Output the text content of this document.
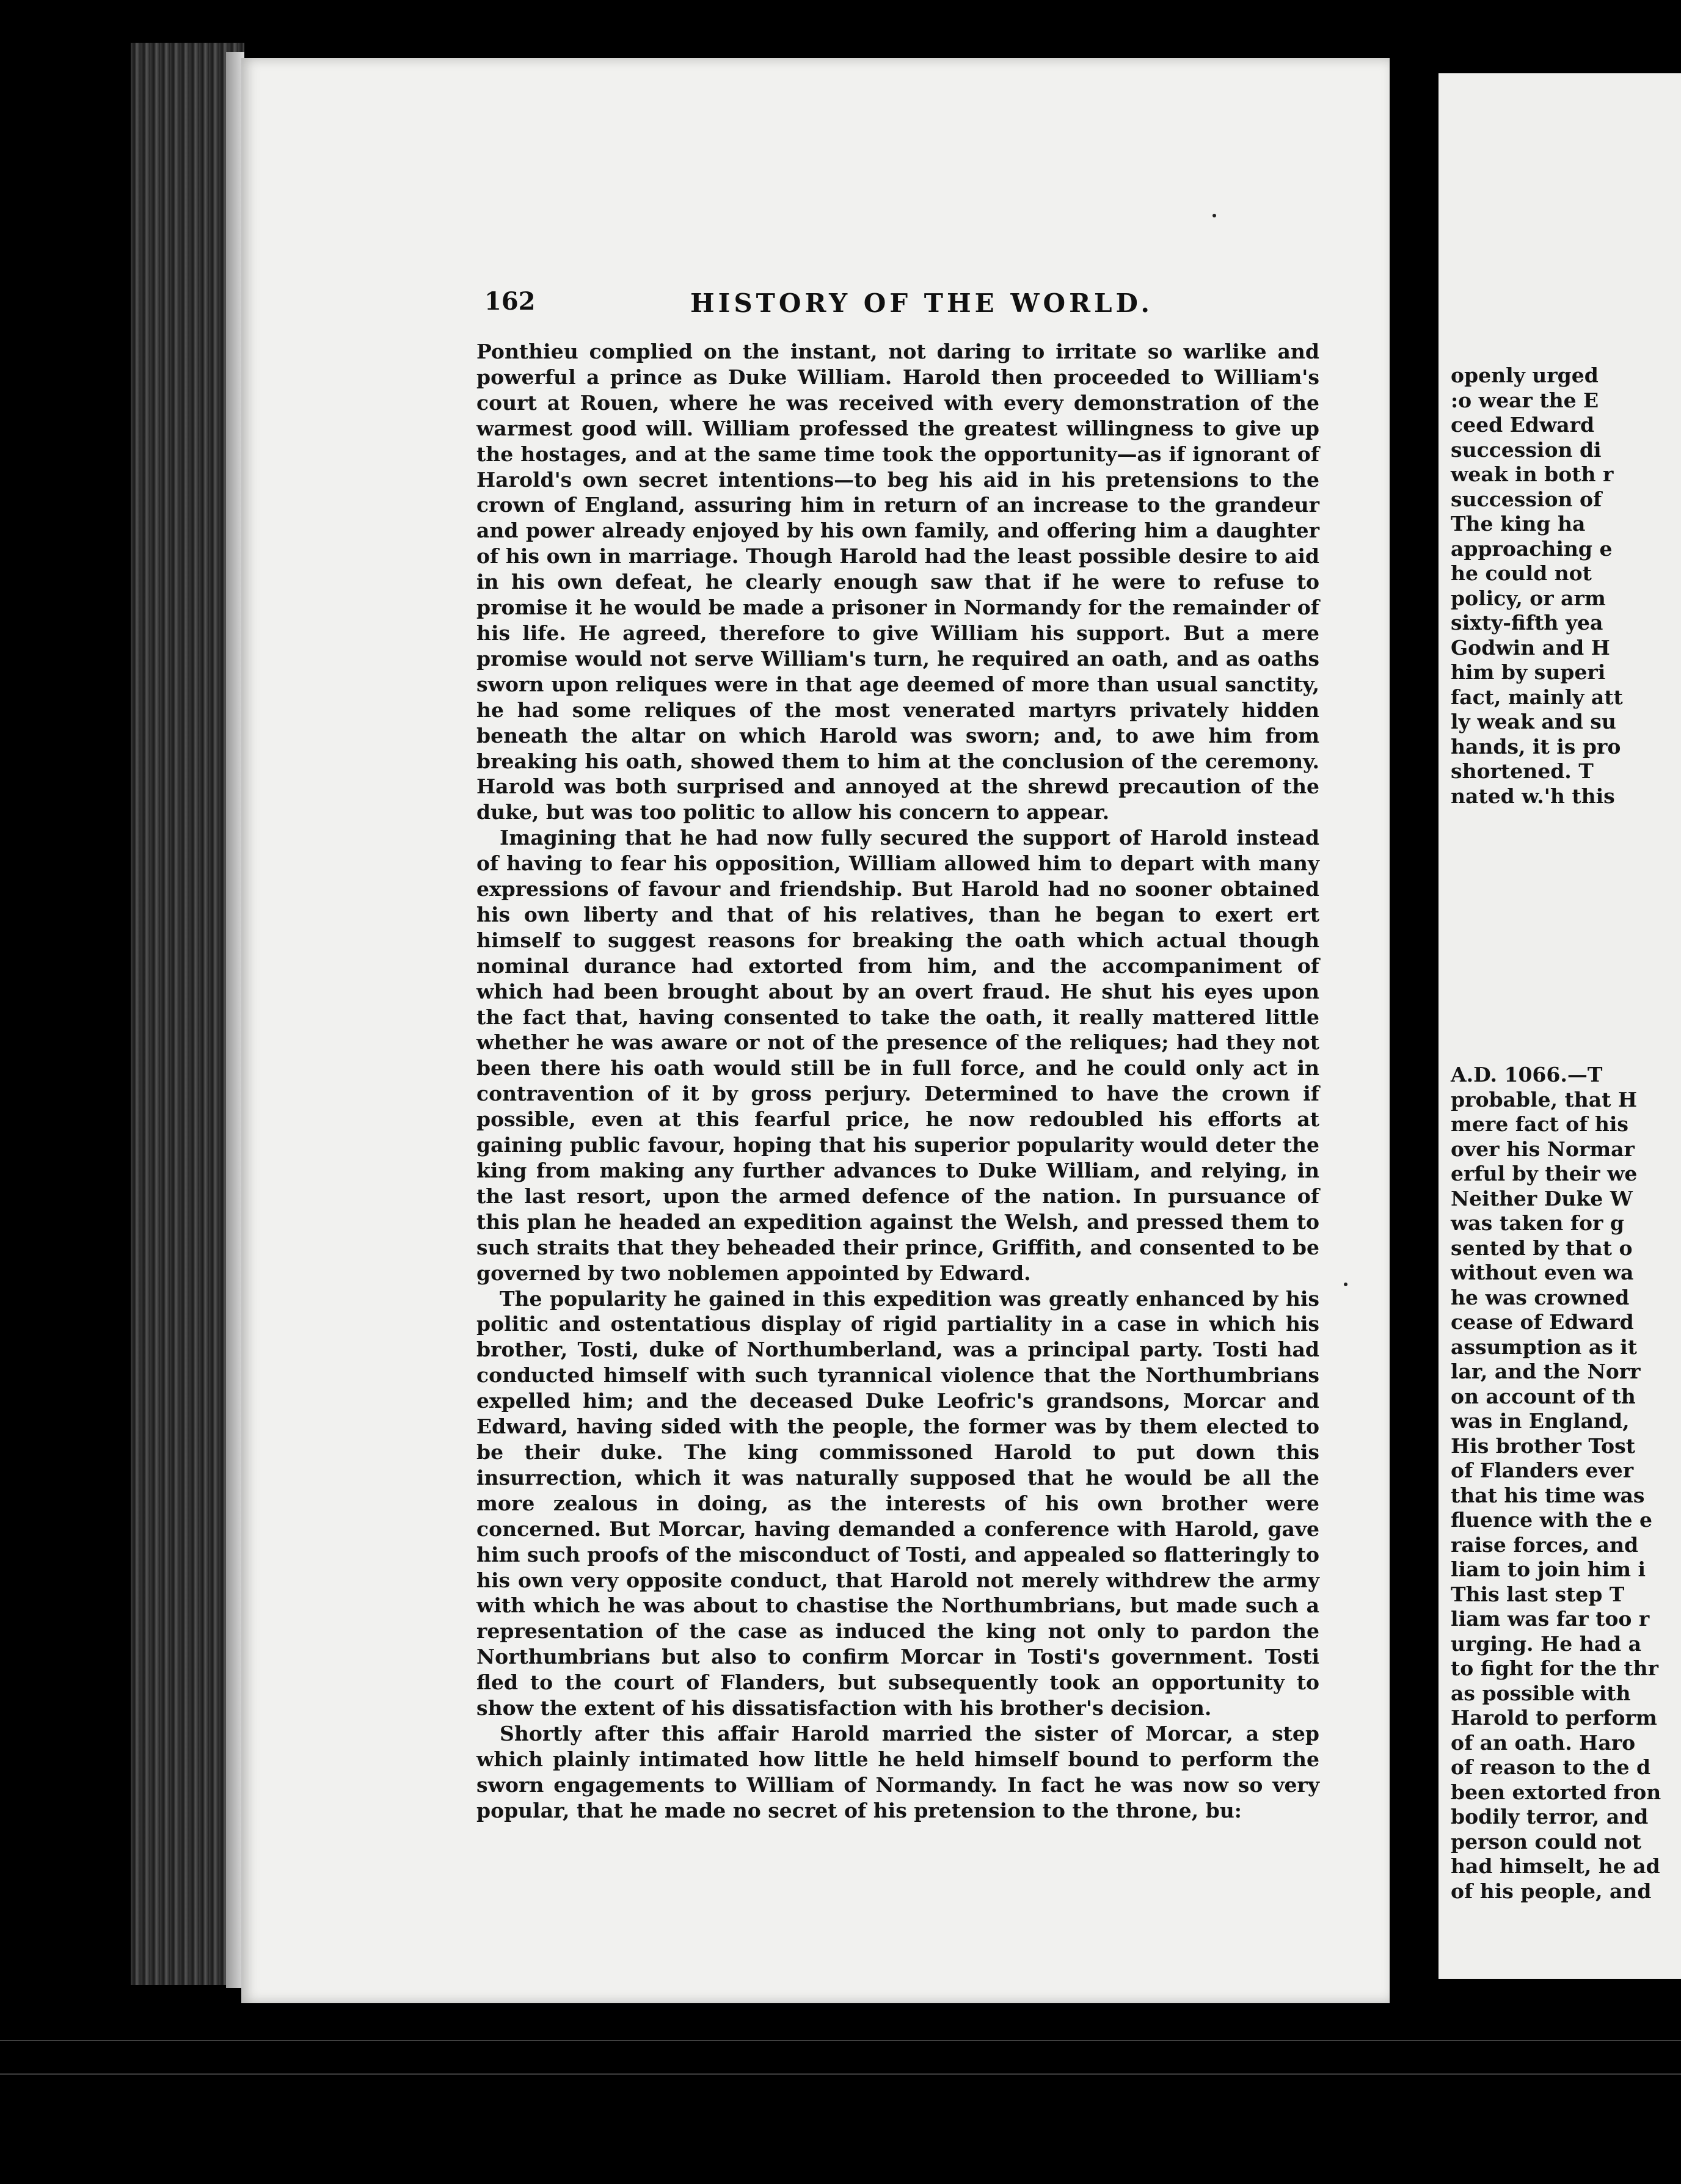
openly urged
:o wear the E
ceed Edward
succession di
weak in both r
succession of
The king ha
approaching e
he could not
policy, or arm
sixty-fifth yea
Godwin and H
him by superi
fact, mainly att
ly weak and su
hands, it is pro
shortened. T
nated w.'h this
A.D. 1066.—T
probable, that H
mere fact of his
over his Normar
erful by their we
Neither Duke W
was taken for g
sented by that o
without even wa
he was crowned
cease of Edward
assumption as it
lar, and the Norr
on account of th
was in England,
His brother Tost
of Flanders ever
that his time was
fluence with the e
raise forces, and
liam to join him i
This last step T
liam was far too r
urging. He had a
to fight for the thr
as possible with
Harold to perform
of an oath. Haro
of reason to the d
been extorted fron
bodily terror, and
person could not
had himselt, he ad
of his people, and
162	HISTORY OF THE WORLD.

Ponthieu complied on the instant, not daring to irritate so warlike and powerful a prince as Duke William. Harold then proceeded to William's court at Rouen, where he was received with every demonstration of the warmest good will. William professed the greatest willingness to give up the hostages, and at the same time took the opportunity—as if ignorant of Harold's own secret intentions—to beg his aid in his pretensions to the crown of England, assuring him in return of an increase to the grandeur and power already enjoyed by his own family, and offering him a daughter of his own in marriage. Though Harold had the least possible desire to aid in his own defeat, he clearly enough saw that if he were to refuse to promise it he would be made a prisoner in Normandy for the remainder of his life. He agreed, therefore to give William his support. But a mere promise would not serve William's turn, he required an oath, and as oaths sworn upon reliques were in that age deemed of more than usual sanctity, he had some reliques of the most venerated martyrs privately hidden beneath the altar on which Harold was sworn; and, to awe him from breaking his oath, showed them to him at the conclusion of the ceremony. Harold was both surprised and annoyed at the shrewd precaution of the duke, but was too politic to allow his concern to appear.

Imagining that he had now fully secured the support of Harold instead of having to fear his opposition, William allowed him to depart with many expressions of favour and friendship. But Harold had no sooner obtained his own liberty and that of his relatives, than he began to exert ert himself to suggest reasons for breaking the oath which actual though nominal durance had extorted from him, and the accompaniment of which had been brought about by an overt fraud. He shut his eyes upon the fact that, having consented to take the oath, it really mattered little whether he was aware or not of the presence of the reliques; had they not been there his oath would still be in full force, and he could only act in contravention of it by gross perjury. Determined to have the crown if possible, even at this fearful price, he now redoubled his efforts at gaining public favour, hoping that his superior popularity would deter the king from making any further advances to Duke William, and relying, in the last resort, upon the armed defence of the nation. In pursuance of this plan he headed an expedition against the Welsh, and pressed them to such straits that they beheaded their prince, Griffith, and consented to be governed by two noblemen appointed by Edward.

The popularity he gained in this expedition was greatly enhanced by his politic and ostentatious display of rigid partiality in a case in which his brother, Tosti, duke of Northumberland, was a principal party. Tosti had conducted himself with such tyrannical violence that the Northumbrians expelled him; and the deceased Duke Leofric's grandsons, Morcar and Edward, having sided with the people, the former was by them elected to be their duke. The king commissoned Harold to put down this insurrection, which it was naturally supposed that he would be all the more zealous in doing, as the interests of his own brother were concerned. But Morcar, having demanded a conference with Harold, gave him such proofs of the misconduct of Tosti, and appealed so flatteringly to his own very opposite conduct, that Harold not merely withdrew the army with which he was about to chastise the Northumbrians, but made such a representation of the case as induced the king not only to pardon the Northumbrians but also to confirm Morcar in Tosti's government. Tosti fled to the court of Flanders, but subsequently took an opportunity to show the extent of his dissatisfaction with his brother's decision.

Shortly after this affair Harold married the sister of Morcar, a step which plainly intimated how little he held himself bound to perform the sworn engagements to William of Normandy. In fact he was now so very popular, that he made no secret of his pretension to the throne, bu:
